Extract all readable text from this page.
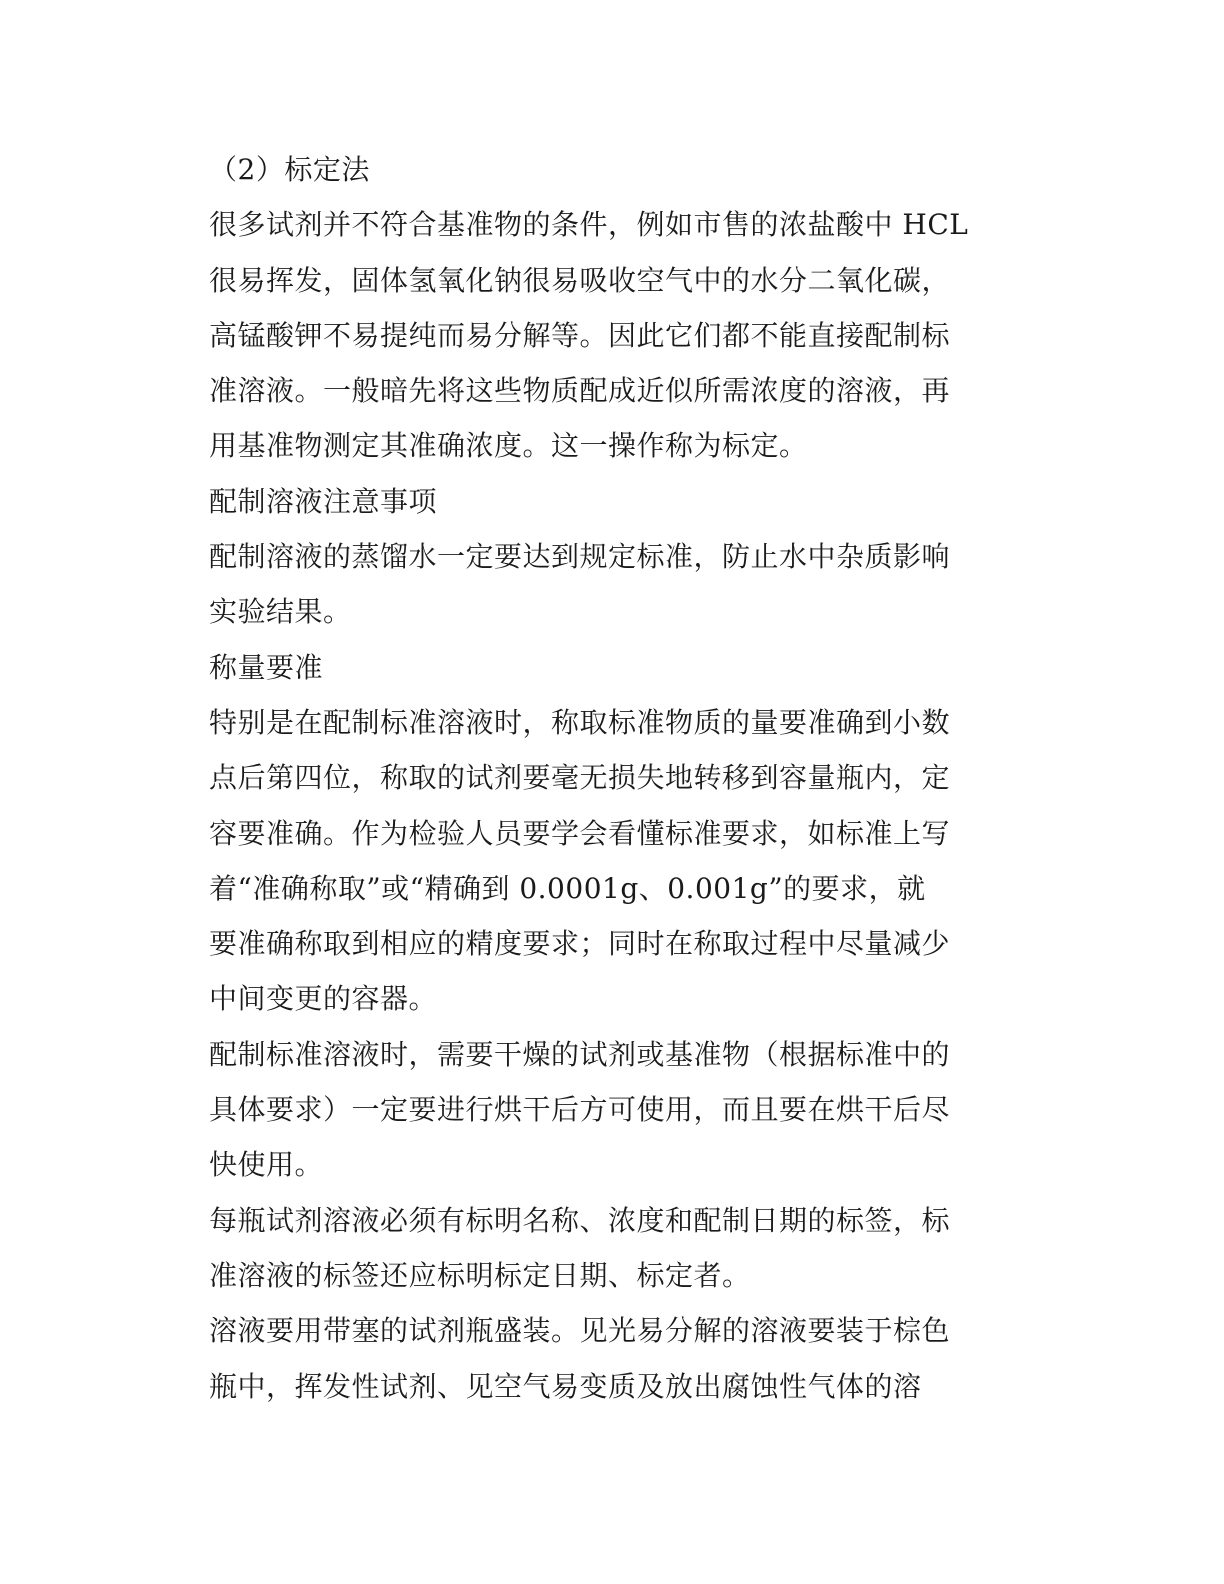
（2）标定法
很多试剂并不符合基准物的条件，例如市售的浓盐酸中 HCL
很易挥发，固体氢氧化钠很易吸收空气中的水分二氧化碳，
高锰酸钾不易提纯而易分解等。因此它们都不能直接配制标
准溶液。一般暗先将这些物质配成近似所需浓度的溶液，再
用基准物测定其准确浓度。这一操作称为标定。
配制溶液注意事项
配制溶液的蒸馏水一定要达到规定标准，防止水中杂质影响
实验结果。
称量要准
特别是在配制标准溶液时，称取标准物质的量要准确到小数
点后第四位，称取的试剂要毫无损失地转移到容量瓶内，定
容要准确。作为检验人员要学会看懂标准要求，如标准上写
着“准确称取”或“精确到 0.0001g、0.001g”的要求，就
要准确称取到相应的精度要求；同时在称取过程中尽量减少
中间变更的容器。
配制标准溶液时，需要干燥的试剂或基准物（根据标准中的
具体要求）一定要进行烘干后方可使用，而且要在烘干后尽
快使用。
每瓶试剂溶液必须有标明名称、浓度和配制日期的标签，标
准溶液的标签还应标明标定日期、标定者。
溶液要用带塞的试剂瓶盛装。见光易分解的溶液要装于棕色
瓶中，挥发性试剂、见空气易变质及放出腐蚀性气体的溶
